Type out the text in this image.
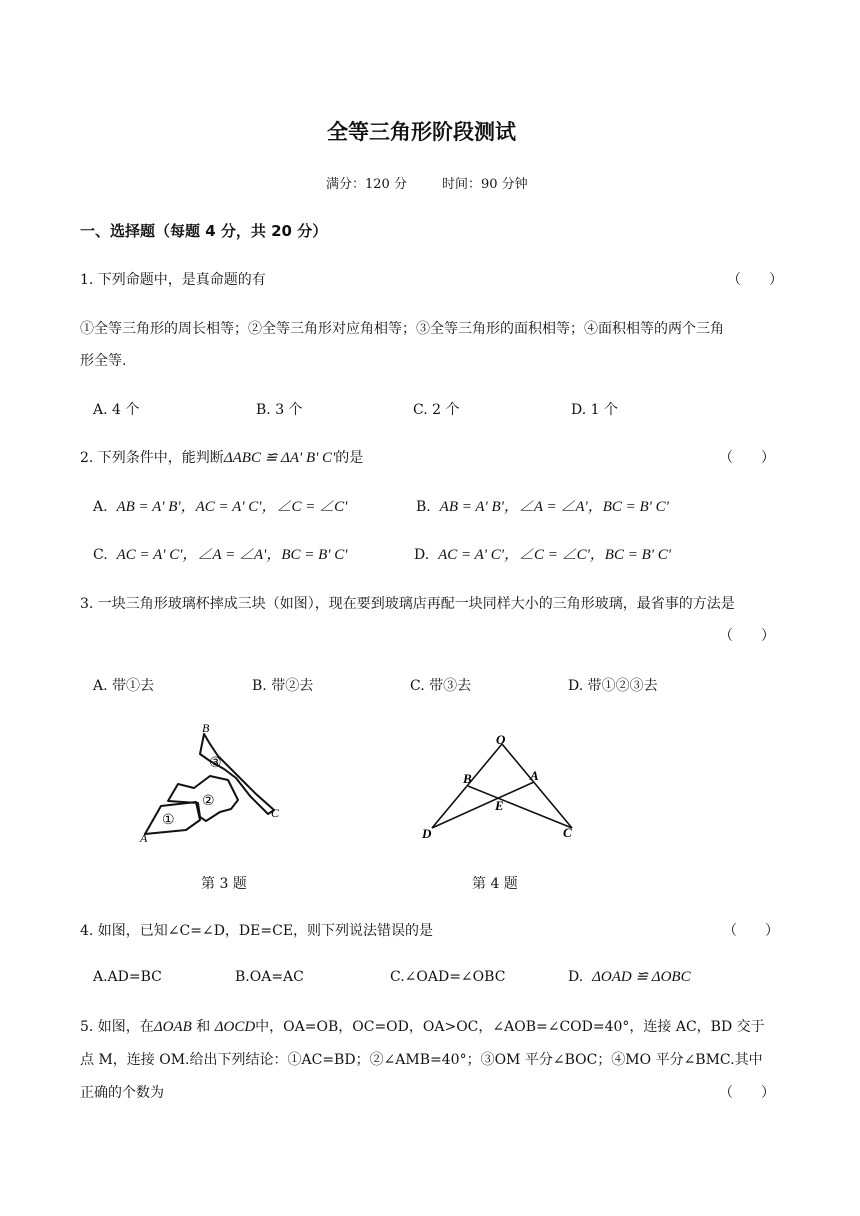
全等三角形阶段测试
满分：120 分	时间：90 分钟
一、选择题（每题 4 分，共 20 分）
1. 下列命题中，是真命题的有	（　　）
①全等三角形的周长相等；②全等三角形对应角相等；③全等三角形的面积相等；④面积相等的两个三角
形全等.
A. 4 个	B. 3 个	C. 2 个	D. 1 个
2. 下列条件中，能判断ΔABC ≌ ΔA' B' C'的是	（　　）
A. AB = A' B'，AC = A' C'，∠C = ∠C'	B. AB = A' B'，∠A = ∠A'，BC = B' C'
C. AC = A' C'，∠A = ∠A'，BC = B' C'	D. AC = A' C'，∠C = ∠C'，BC = B' C'
3. 一块三角形玻璃杯摔成三块（如图），现在要到玻璃店再配一块同样大小的三角形玻璃，最省事的方法是
（　　）
A. 带①去	B. 带②去	C. 带③去	D. 带①②③去
A
B
C
①
②
③
第 3 题
O
B	A
E
D	C
第 4 题
4. 如图，已知∠C=∠D，DE=CE，则下列说法错误的是	（　　）
A.AD=BC	B.OA=AC	C.∠OAD=∠OBC	D. ΔOAD ≌ ΔOBC
5. 如图，在ΔOAB 和 ΔOCD中，OA=OB，OC=OD，OA>OC，∠AOB=∠COD=40°，连接 AC，BD 交于
点 M，连接 OM.给出下列结论：①AC=BD；②∠AMB=40°；③OM 平分∠BOC；④MO 平分∠BMC.其中
正确的个数为	（　　）
